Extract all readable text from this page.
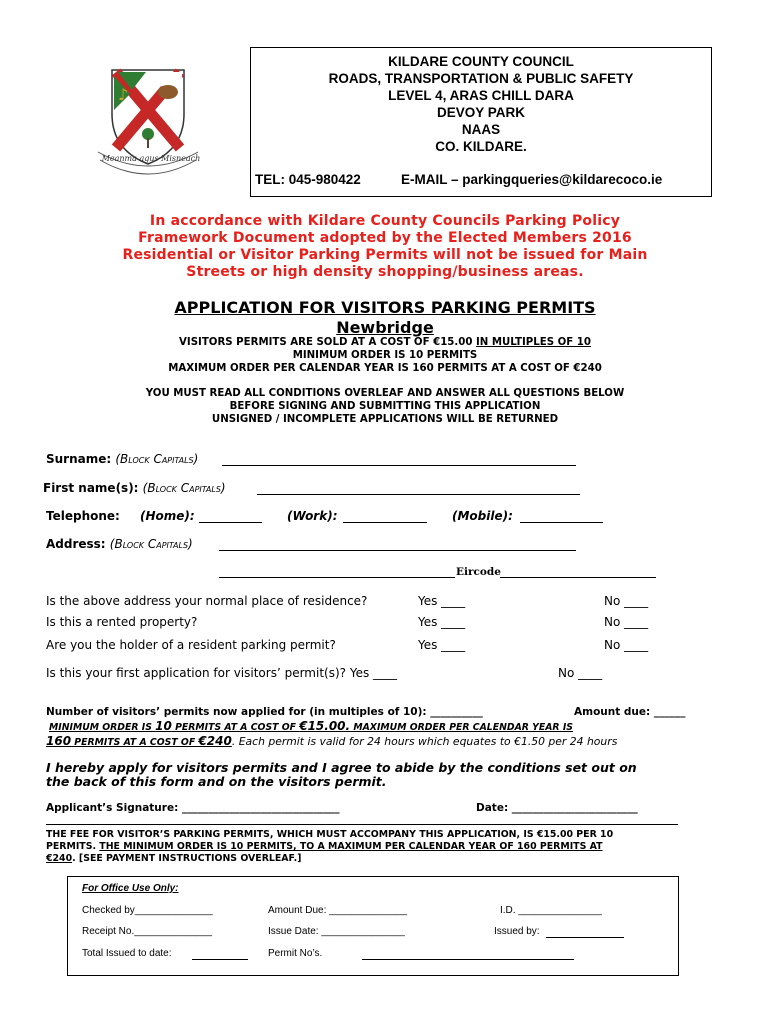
♪
Meanma agus Misneach
KILDARE COUNTY COUNCIL
ROADS, TRANSPORTATION & PUBLIC SAFETY
LEVEL 4, ARAS CHILL DARA
DEVOY PARK
NAAS
CO. KILDARE.
TEL: 045-980422	E-MAIL – parkingqueries@kildarecoco.ie
In accordance with Kildare County Councils Parking Policy
Framework Document adopted by the Elected Members 2016
Residential or Visitor Parking Permits will not be issued for Main
Streets or high density shopping/business areas.
APPLICATION FOR VISITORS PARKING PERMITS
Newbridge
VISITORS PERMITS ARE SOLD AT A COST OF €15.00 IN MULTIPLES OF 10
MINIMUM ORDER IS 10 PERMITS
MAXIMUM ORDER PER CALENDAR YEAR IS 160 PERMITS AT A COST OF €240
YOU MUST READ ALL CONDITIONS OVERLEAF AND ANSWER ALL QUESTIONS BELOW
BEFORE SIGNING AND SUBMITTING THIS APPLICATION
UNSIGNED / INCOMPLETE APPLICATIONS WILL BE RETURNED
Surname: (Block Capitals)
First name(s): (Block Capitals)
Telephone: (Home):	(Work):	(Mobile):
Address: (Block Capitals)
Eircode
Is the above address your normal place of residence?	Yes ____	No ____
Is this a rented property?	Yes ____	No ____
Are you the holder of a resident parking permit?	Yes ____	No ____
Is this your first application for visitors’ permit(s)? Yes ____	No ____
Number of visitors’ permits now applied for (in multiples of 10): __________	Amount due: ______
MINIMUM ORDER IS 10 PERMITS AT A COST OF €15.00. MAXIMUM ORDER PER CALENDAR YEAR IS
160 PERMITS AT A COST OF €240. Each permit is valid for 24 hours which equates to €1.50 per 24 hours
I hereby apply for visitors permits and I agree to abide by the conditions set out on
the back of this form and on the visitors permit.
Applicant’s Signature: ______________________________	Date: ________________________
THE FEE FOR VISITOR’S PARKING PERMITS, WHICH MUST ACCOMPANY THIS APPLICATION, IS €15.00 PER 10
PERMITS. THE MINIMUM ORDER IS 10 PERMITS, TO A MAXIMUM PER CALENDAR YEAR OF 160 PERMITS AT
€240. [SEE PAYMENT INSTRUCTIONS OVERLEAF.]
For Office Use Only:
Checked by______________	Amount Due: ______________	I.D. _______________
Receipt No.______________	Issue Date: _______________	Issued by:
Total Issued to date:	Permit No’s.
